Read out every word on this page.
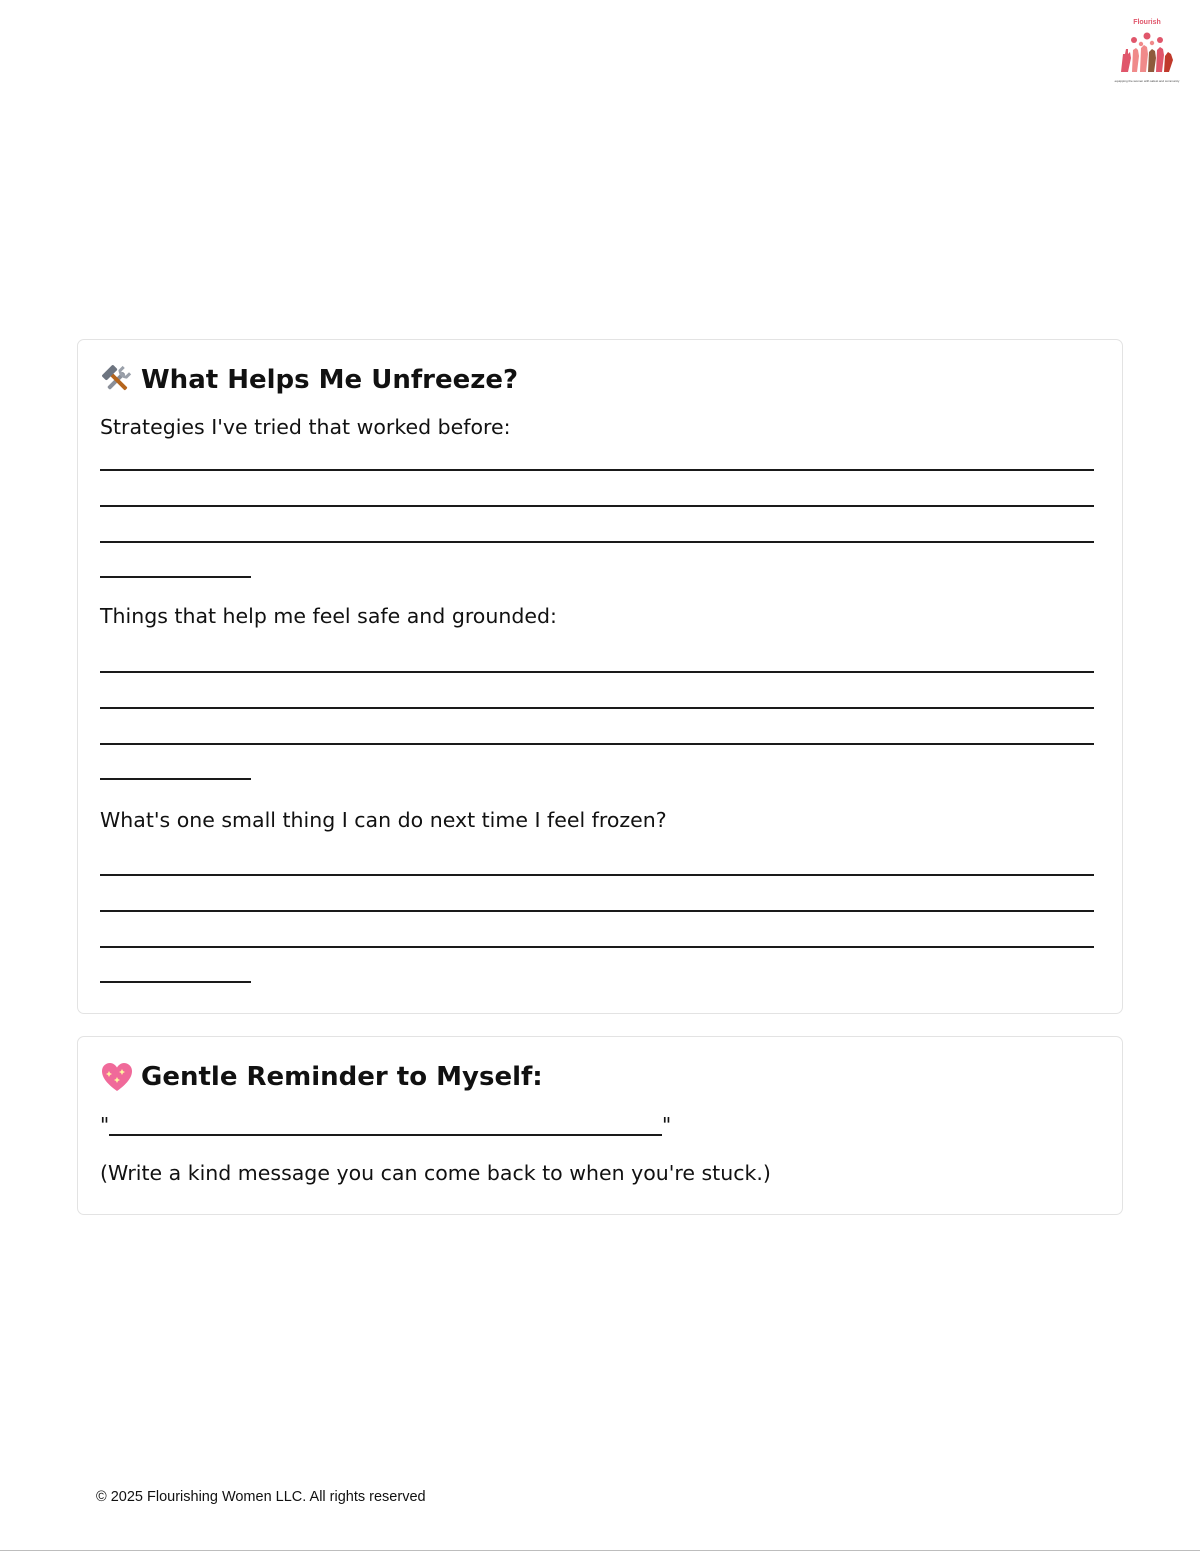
Flourish
equipping the women with safest and community
What Helps Me Unfreeze?

Strategies I've tried that worked before:

Things that help me feel safe and grounded:

What's one small thing I can do next time I feel frozen?

Gentle Reminder to Myself:
"	"

(Write a kind message you can come back to when you're stuck.)

© 2025 Flourishing Women LLC. All rights reserved
